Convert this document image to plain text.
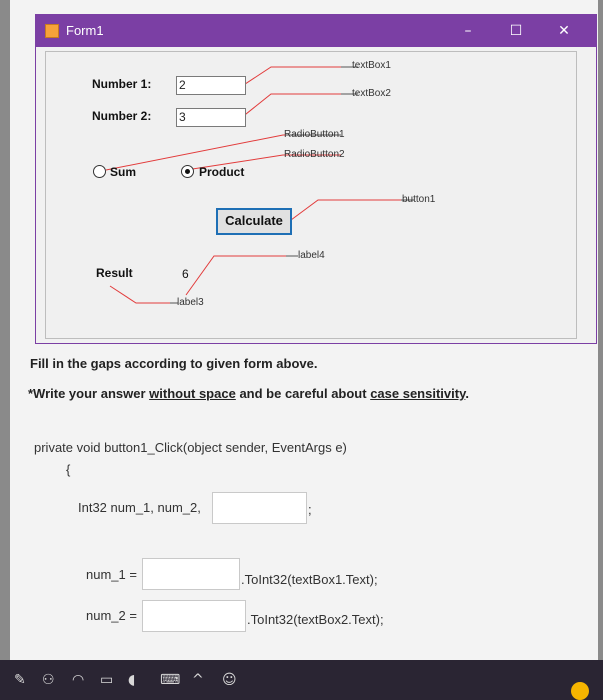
Form1	–	☐	✕
Number 1: 2
Number 2: 3
Sum	Product
Calculate
Result	6
textBox1
textBox2
RadioButton1
RadioButton2
button1
label4
label3
Fill in the gaps according to given form above.
*Write your answer without space and be careful about case sensitivity.
private void button1_Click(object sender, EventArgs e)
{
Int32 num_1, num_2,	;
num_1 =	.ToInt32(textBox1.Text);
num_2 =	.ToInt32(textBox2.Text);
✎ ⚇ ◠ ▭ ◖ ⌨ ^ ☺
